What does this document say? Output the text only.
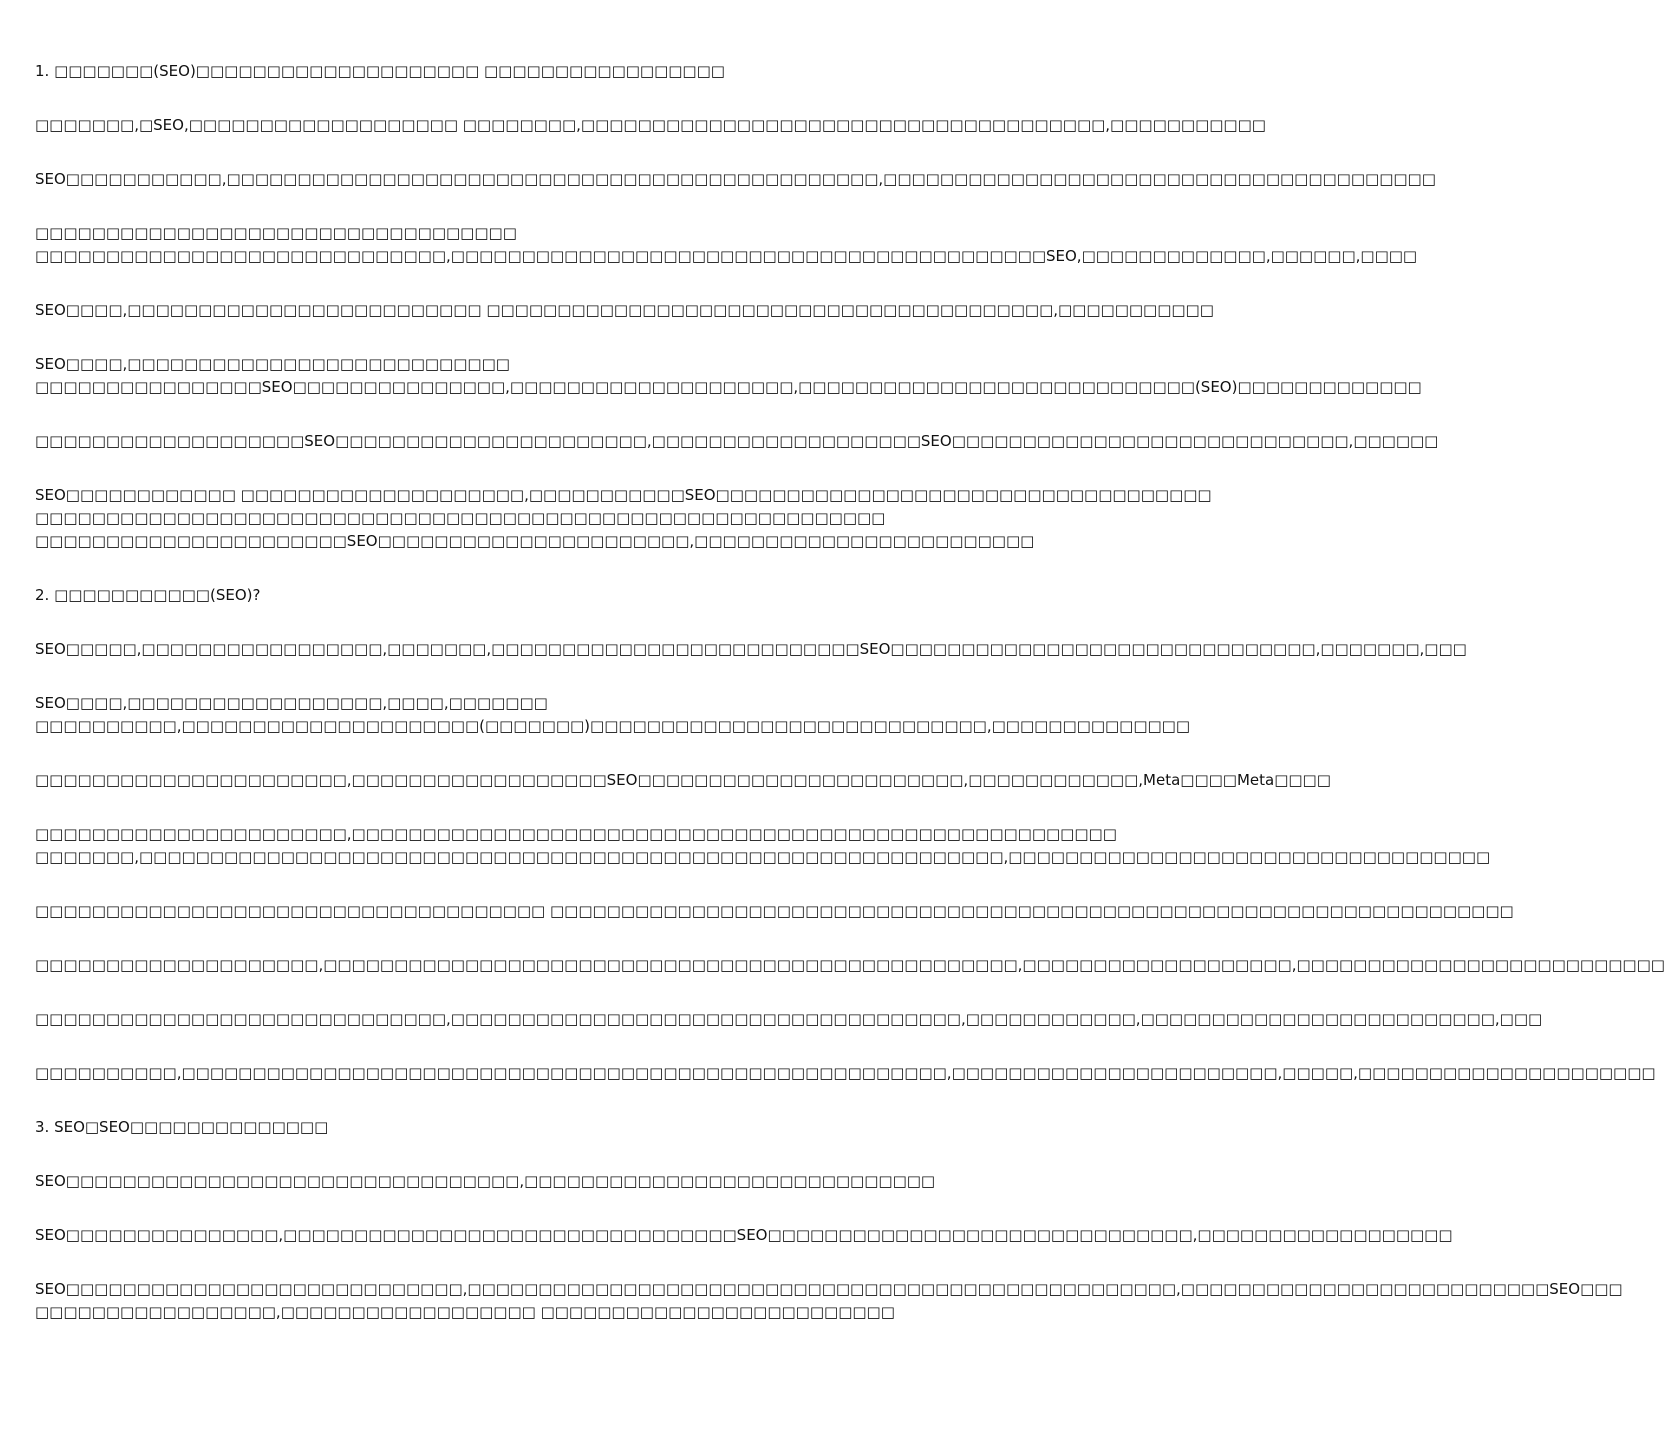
1. □□□□□□□(SEO)□□□□□□□□□□□□□□□□□□□□ □□□□□□□□□□□□□□□□□

□□□□□□□,□SEO,□□□□□□□□□□□□□□□□□□□ □□□□□□□□,□□□□□□□□□□□□□□□□□□□□□□□□□□□□□□□□□□□□□,□□□□□□□□□□□

SEO□□□□□□□□□□□,□□□□□□□□□□□□□□□□□□□□□□□□□□□□□□□□□□□□□□□□□□□□□□,□□□□□□□□□□□□□□□□□□□□□□□□□□□□□□□□□□□□□□□

□□□□□□□□□□□□□□□□□□□□□□□□□□□□□□□□□□
□□□□□□□□□□□□□□□□□□□□□□□□□□□□□,□□□□□□□□□□□□□□□□□□□□□□□□□□□□□□□□□□□□□□□□□□SEO,□□□□□□□□□□□□□,□□□□□□,□□□□

SEO□□□□,□□□□□□□□□□□□□□□□□□□□□□□□□ □□□□□□□□□□□□□□□□□□□□□□□□□□□□□□□□□□□□□□□□,□□□□□□□□□□□

SEO□□□□,□□□□□□□□□□□□□□□□□□□□□□□□□□□
□□□□□□□□□□□□□□□□SEO□□□□□□□□□□□□□□□,□□□□□□□□□□□□□□□□□□□□,□□□□□□□□□□□□□□□□□□□□□□□□□□□□(SEO)□□□□□□□□□□□□□

□□□□□□□□□□□□□□□□□□□SEO□□□□□□□□□□□□□□□□□□□□□□,□□□□□□□□□□□□□□□□□□□SEO□□□□□□□□□□□□□□□□□□□□□□□□□□□□,□□□□□□

SEO□□□□□□□□□□□□ □□□□□□□□□□□□□□□□□□□□,□□□□□□□□□□□SEO□□□□□□□□□□□□□□□□□□□□□□□□□□□□□□□□□□□
□□□□□□□□□□□□□□□□□□□□□□□□□□□□□□□□□□□□□□□□□□□□□□□□□□□□□□□□□□□□
□□□□□□□□□□□□□□□□□□□□□□SEO□□□□□□□□□□□□□□□□□□□□□□,□□□□□□□□□□□□□□□□□□□□□□□□

2. □□□□□□□□□□□(SEO)?

SEO□□□□□,□□□□□□□□□□□□□□□□□,□□□□□□□,□□□□□□□□□□□□□□□□□□□□□□□□□□SEO□□□□□□□□□□□□□□□□□□□□□□□□□□□□□□,□□□□□□□,□□□

SEO□□□□,□□□□□□□□□□□□□□□□□□,□□□□,□□□□□□□
□□□□□□□□□□,□□□□□□□□□□□□□□□□□□□□□(□□□□□□□)□□□□□□□□□□□□□□□□□□□□□□□□□□□□,□□□□□□□□□□□□□□

□□□□□□□□□□□□□□□□□□□□□□,□□□□□□□□□□□□□□□□□□SEO□□□□□□□□□□□□□□□□□□□□□□□,□□□□□□□□□□□□,Meta□□□□Meta□□□□

□□□□□□□□□□□□□□□□□□□□□□,□□□□□□□□□□□□□□□□□□□□□□□□□□□□□□□□□□□□□□□□□□□□□□□□□□□□□□
□□□□□□□,□□□□□□□□□□□□□□□□□□□□□□□□□□□□□□□□□□□□□□□□□□□□□□□□□□□□□□□□□□□□□,□□□□□□□□□□□□□□□□□□□□□□□□□□□□□□□□□□

□□□□□□□□□□□□□□□□□□□□□□□□□□□□□□□□□□□□ □□□□□□□□□□□□□□□□□□□□□□□□□□□□□□□□□□□□□□□□□□□□□□□□□□□□□□□□□□□□□□□□□□□□

□□□□□□□□□□□□□□□□□□□□,□□□□□□□□□□□□□□□□□□□□□□□□□□□□□□□□□□□□□□□□□□□□□□□□□,□□□□□□□□□□□□□□□□□□□,□□□□□□□□□□□□□□□□□□□□□□□□□□

□□□□□□□□□□□□□□□□□□□□□□□□□□□□□,□□□□□□□□□□□□□□□□□□□□□□□□□□□□□□□□□□□□,□□□□□□□□□□□□,□□□□□□□□□□□□□□□□□□□□□□□□□,□□□

□□□□□□□□□□,□□□□□□□□□□□□□□□□□□□□□□□□□□□□□□□□□□□□□□□□□□□□□□□□□□□□□□,□□□□□□□□□□□□□□□□□□□□□□□,□□□□□,□□□□□□□□□□□□□□□□□□□□□

3. SEO□SEO□□□□□□□□□□□□□□

SEO□□□□□□□□□□□□□□□□□□□□□□□□□□□□□□□□,□□□□□□□□□□□□□□□□□□□□□□□□□□□□□

SEO□□□□□□□□□□□□□□□,□□□□□□□□□□□□□□□□□□□□□□□□□□□□□□□□SEO□□□□□□□□□□□□□□□□□□□□□□□□□□□□□□,□□□□□□□□□□□□□□□□□□

SEO□□□□□□□□□□□□□□□□□□□□□□□□□□□□,□□□□□□□□□□□□□□□□□□□□□□□□□□□□□□□□□□□□□□□□□□□□□□□□□□,□□□□□□□□□□□□□□□□□□□□□□□□□□SEO□□□
□□□□□□□□□□□□□□□□□,□□□□□□□□□□□□□□□□□□ □□□□□□□□□□□□□□□□□□□□□□□□□
